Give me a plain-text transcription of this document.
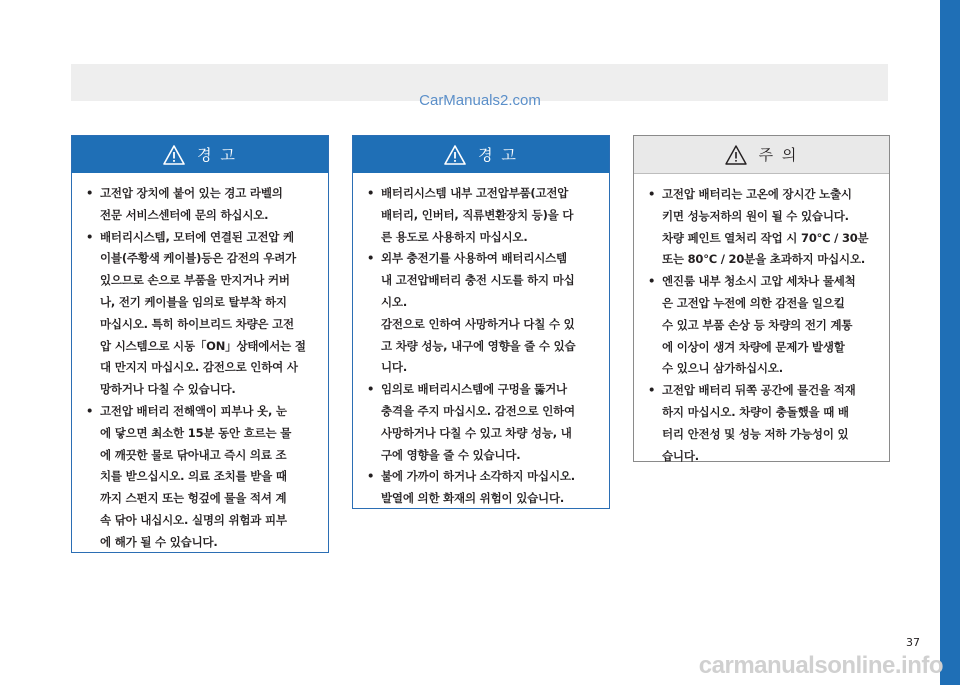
CarManuals2.com
경 고
• 고전압 장치에 붙어 있는 경고 라벨의
전문 서비스센터에 문의 하십시오.
• 배터리시스템, 모터에 연결된 고전압 케
이블(주황색 케이블)등은 감전의 우려가
있으므로 손으로 부품을 만지거나 커버
나, 전기 케이블을 임의로 탈부착 하지
마십시오. 특히 하이브리드 차량은 고전
압 시스템으로 시동「ON」상태에서는 절
대 만지지 마십시오. 감전으로 인하여 사
망하거나 다칠 수 있습니다.
• 고전압 배터리 전해액이 피부나 옷, 눈
에 닿으면 최소한 15분 동안 흐르는 물
에 깨끗한 물로 닦아내고 즉시 의료 조
치를 받으십시오. 의료 조치를 받을 때
까지 스펀지 또는 헝겊에 물을 적셔 계
속 닦아 내십시오. 실명의 위험과 피부
에 해가 될 수 있습니다.
경 고
• 배터리시스템 내부 고전압부품(고전압
배터리, 인버터, 직류변환장치 등)을 다
른 용도로 사용하지 마십시오.
• 외부 충전기를 사용하여 배터리시스템
내 고전압배터리 충전 시도를 하지 마십
시오.
감전으로 인하여 사망하거나 다칠 수 있
고 차량 성능, 내구에 영향을 줄 수 있습
니다.
• 임의로 배터리시스템에 구멍을 뚫거나
충격을 주지 마십시오. 감전으로 인하여
사망하거나 다칠 수 있고 차량 성능, 내
구에 영향을 줄 수 있습니다.
• 불에 가까이 하거나 소각하지 마십시오.
발열에 의한 화재의 위험이 있습니다.
주 의
• 고전압 배터리는 고온에 장시간 노출시
키면 성능저하의 원이 될 수 있습니다.
차량 페인트 열처리 작업 시 70℃ / 30분
또는 80℃ / 20분을 초과하지 마십시오.
• 엔진룸 내부 청소시 고압 세차나 물세척
은 고전압 누전에 의한 감전을 일으킬
수 있고 부품 손상 등 차량의 전기 계통
에 이상이 생겨 차량에 문제가 발생할
수 있으니 삼가하십시오.
• 고전압 배터리 뒤쪽 공간에 물건을 적재
하지 마십시오. 차량이 충돌했을 때 배
터리 안전성 및 성능 저하 가능성이 있
습니다.
37
carmanualsonline.info
